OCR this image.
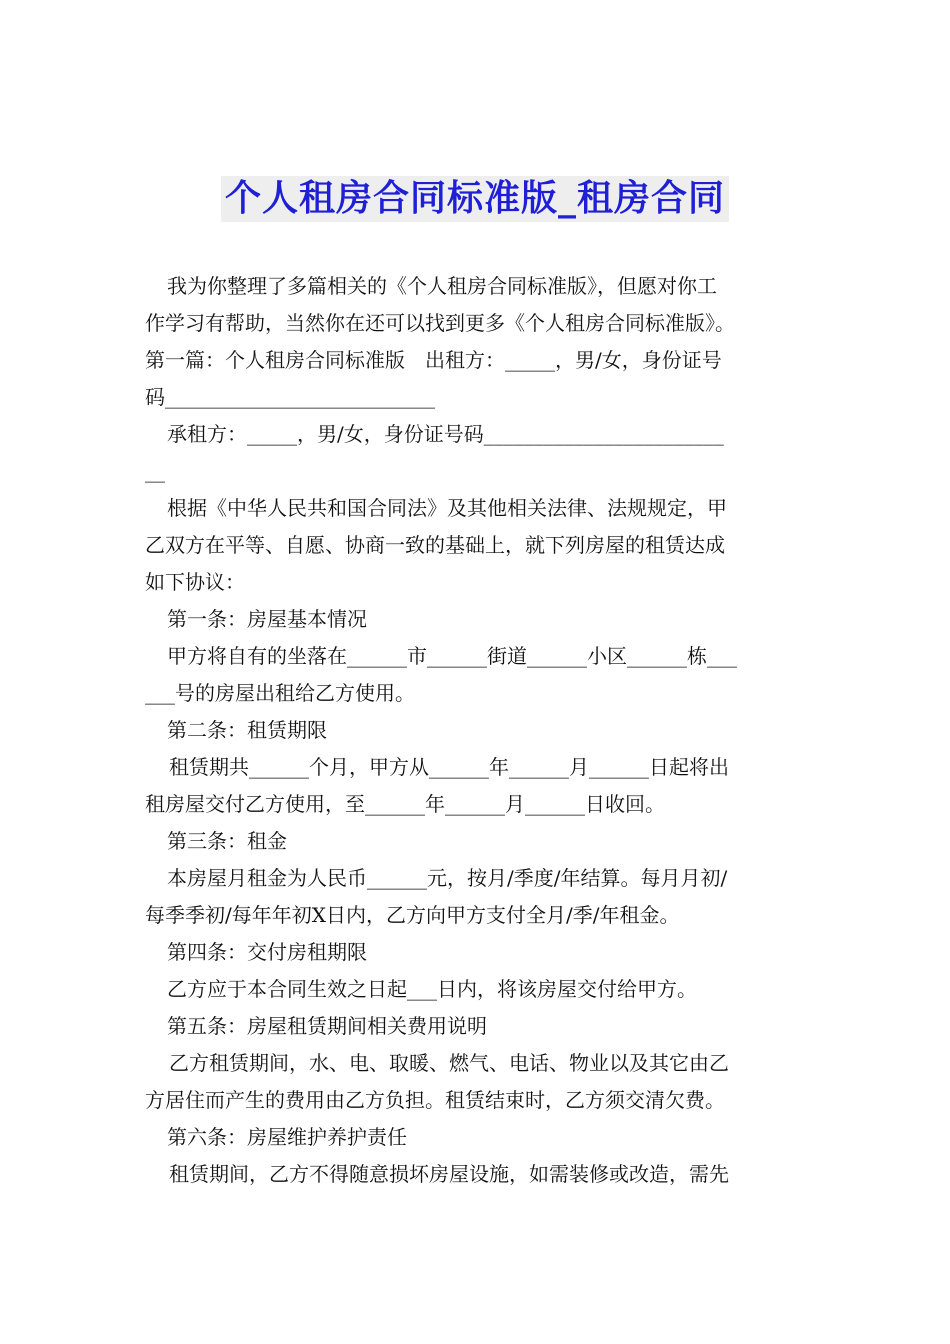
个人租房合同标准版_租房合同
我为你整理了多篇相关的《个人租房合同标准版》，但愿对你工
作学习有帮助，当然你在还可以找到更多《个人租房合同标准版》。
第一篇：个人租房合同标准版　出租方：_____，男/女，身份证号
码___________________________
承租方：_____，男/女，身份证号码________________________
__
根据《中华人民共和国合同法》及其他相关法律、法规规定，甲
乙双方在平等、自愿、协商一致的基础上，就下列房屋的租赁达成
如下协议：
第一条：房屋基本情况
甲方将自有的坐落在______市______街道______小区______栋___
___号的房屋出租给乙方使用。
第二条：租赁期限
租赁期共______个月，甲方从______年______月______日起将出
租房屋交付乙方使用，至______年______月______日收回。
第三条：租金
本房屋月租金为人民币______元，按月/季度/年结算。每月月初/
每季季初/每年年初X日内，乙方向甲方支付全月/季/年租金。
第四条：交付房租期限
乙方应于本合同生效之日起___日内，将该房屋交付给甲方。
第五条：房屋租赁期间相关费用说明
乙方租赁期间，水、电、取暖、燃气、电话、物业以及其它由乙
方居住而产生的费用由乙方负担。租赁结束时，乙方须交清欠费。
第六条：房屋维护养护责任
租赁期间，乙方不得随意损坏房屋设施，如需装修或改造，需先
